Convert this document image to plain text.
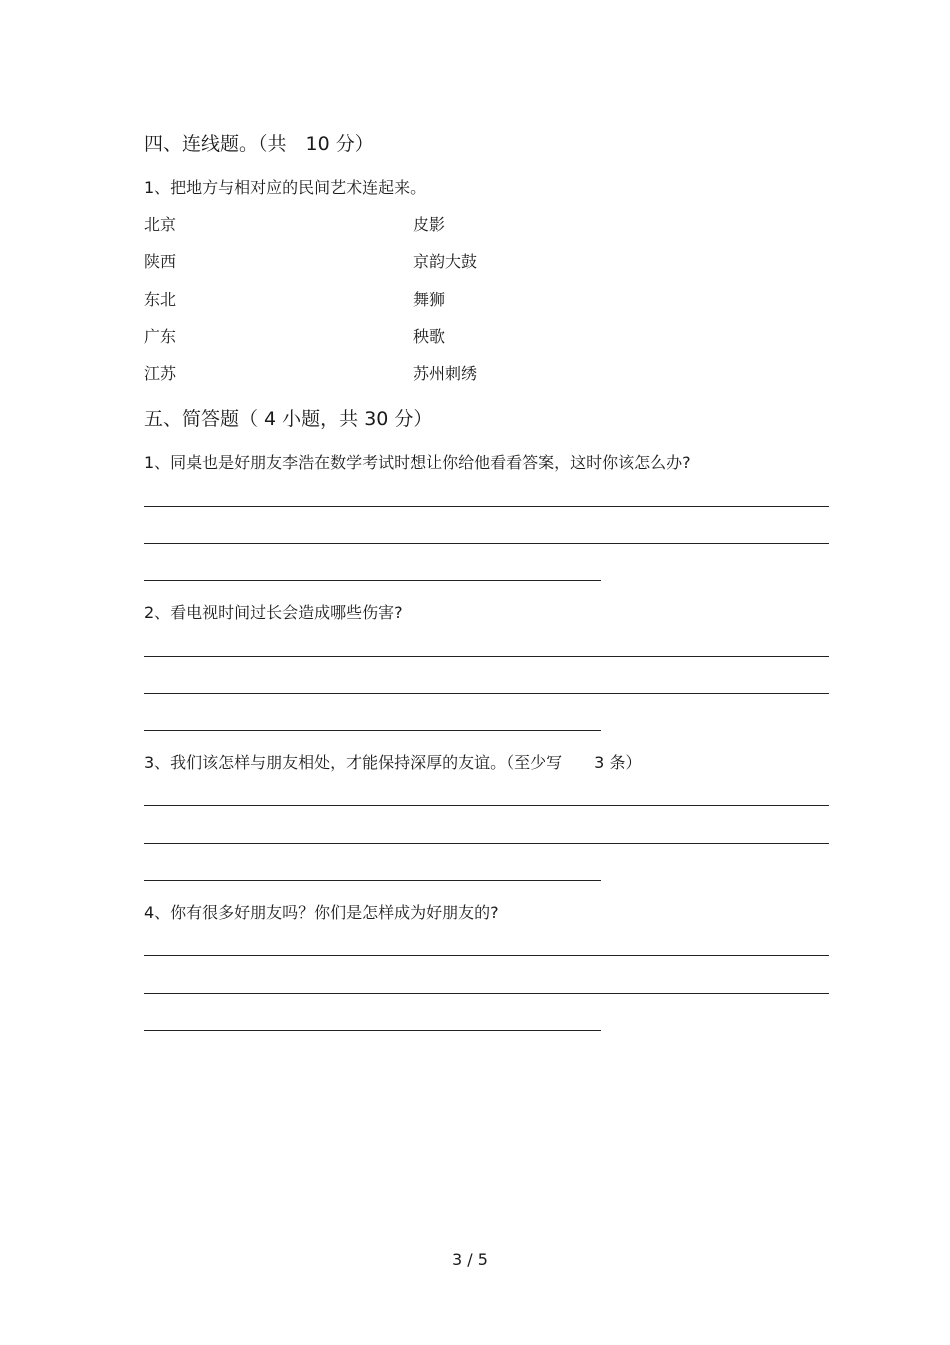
四、连线题。（共　10 分）
1、把地方与相对应的民间艺术连起来。
北京
陕西
东北
广东
江苏
皮影
京韵大鼓
舞狮
秧歌
苏州刺绣
五、简答题（ 4 小题，共 30 分）
1、同桌也是好朋友李浩在数学考试时想让你给他看看答案，这时你该怎么办?
2、看电视时间过长会造成哪些伤害?
3、我们该怎样与朋友相处，才能保持深厚的友谊。（至少写　　3 条）
4、你有很多好朋友吗？你们是怎样成为好朋友的?
3 / 5
